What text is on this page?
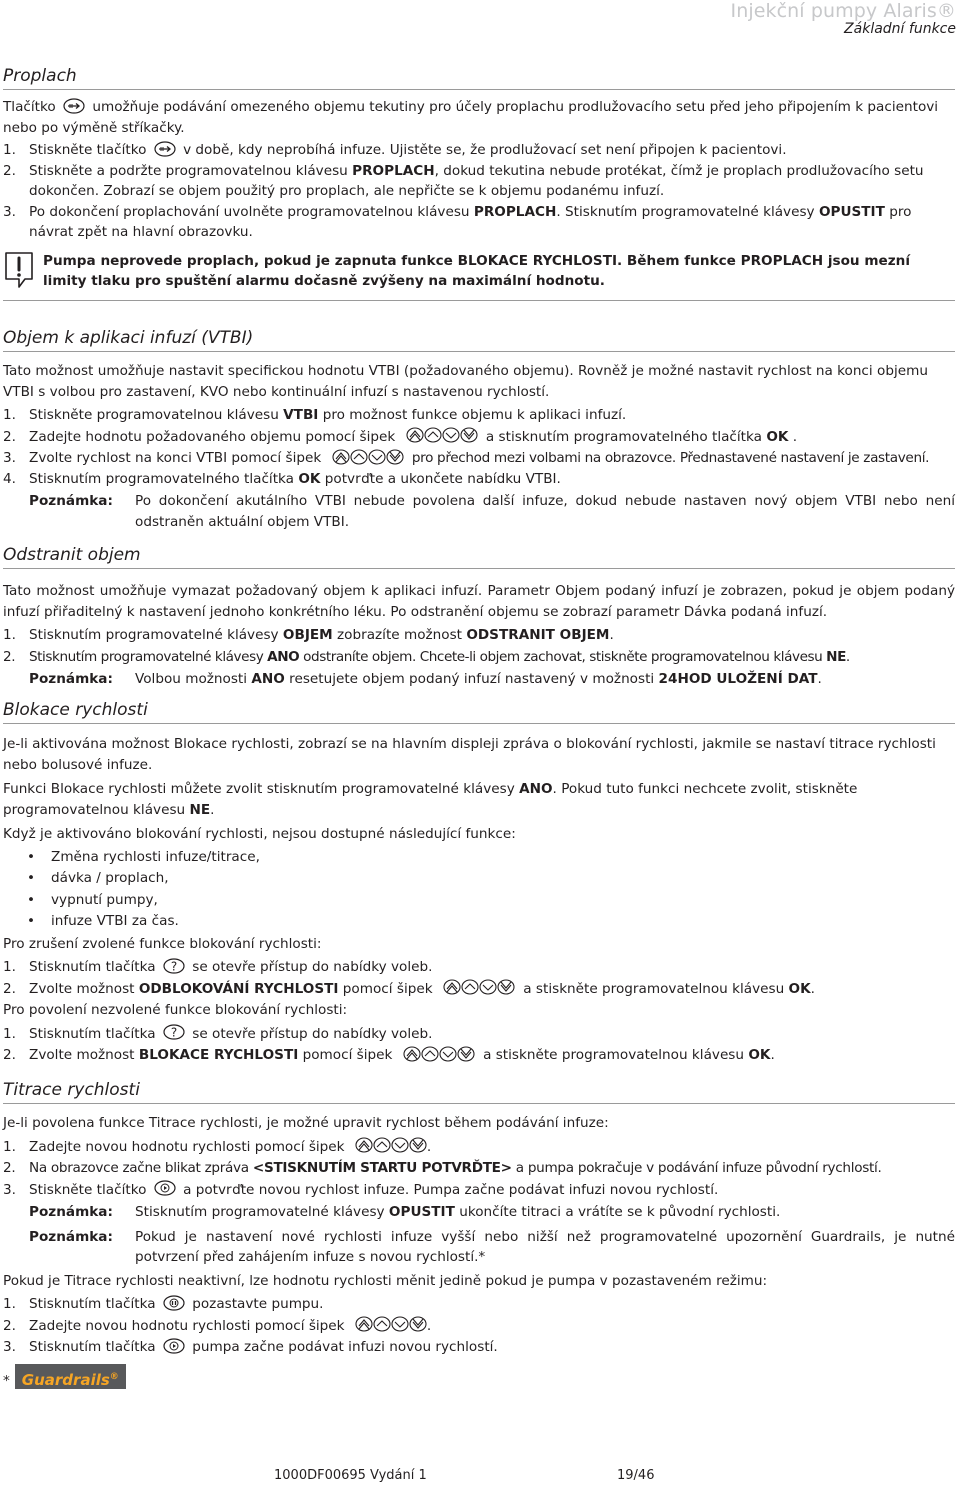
Injekční pumpy Alaris®
Základní funkce
Proplach
Tlačítko	umožňuje podávání omezeného objemu tekutiny pro účely proplachu prodlužovacího setu před jeho připojením k pacientovi nebo po výměně stříkačky.
1. Stiskněte tlačítko	v době, kdy neprobíhá infuze. Ujistěte se, že prodlužovací set není připojen k pacientovi.
2. Stiskněte a podržte programovatelnou klávesu PROPLACH, dokud tekutina nebude protékat, čímž je proplach prodlužovacího setu dokončen. Zobrazí se objem použitý pro proplach, ale nepřičte se k objemu podanému infuzí.
3. Po dokončení proplachování uvolněte programovatelnou klávesu PROPLACH. Stisknutím programovatelné klávesy OPUSTIT pro návrat zpět na hlavní obrazovku.
Pumpa neprovede proplach, pokud je zapnuta funkce BLOKACE RYCHLOSTI. Během funkce PROPLACH jsou mezní limity tlaku pro spuštění alarmu dočasně zvýšeny na maximální hodnotu.
Objem k aplikaci infuzí (VTBI)
Tato možnost umožňuje nastavit specifickou hodnotu VTBI (požadovaného objemu). Rovněž je možné nastavit rychlost na konci objemu VTBI s volbou pro zastavení, KVO nebo kontinuální infuzí s nastavenou rychlostí.
1. Stiskněte programovatelnou klávesu VTBI pro možnost funkce objemu k aplikaci infuzí.
2. Zadejte hodnotu požadovaného objemu pomocí šipek	a stisknutím programovatelného tlačítka OK .
3. Zvolte rychlost na konci VTBI pomocí šipek	pro přechod mezi volbami na obrazovce. Přednastavené nastavení je zastavení.
4. Stisknutím programovatelného tlačítka OK potvrďte a ukončete nabídku VTBI.
Poznámka:	Po dokončení akutálního VTBI nebude povolena další infuze, dokud nebude nastaven nový objem VTBI nebo není odstraněn aktuální objem VTBI.
Odstranit objem
Tato možnost umožňuje vymazat požadovaný objem k aplikaci infuzí. Parametr Objem podaný infuzí je zobrazen, pokud je objem podaný infuzí přiřaditelný k nastavení jednoho konkrétního léku. Po odstranění objemu se zobrazí parametr Dávka podaná infuzí.
1. Stisknutím programovatelné klávesy OBJEM zobrazíte možnost ODSTRANIT OBJEM.
2.	Stisknutím programovatelné klávesy ANO odstraníte objem. Chcete-li objem zachovat, stiskněte programovatelnou klávesu NE.
Poznámka:	Volbou možnosti ANO resetujete objem podaný infuzí nastavený v možnosti 24HOD ULOŽENÍ DAT.
Blokace rychlosti
Je-li aktivována možnost Blokace rychlosti, zobrazí se na hlavním displeji zpráva o blokování rychlosti, jakmile se nastaví titrace rychlosti nebo bolusové infuze.
Funkci Blokace rychlosti můžete zvolit stisknutím programovatelné klávesy ANO. Pokud tuto funkci nechcete zvolit, stiskněte programovatelnou klávesu NE.
Když je aktivováno blokování rychlosti, nejsou dostupné následující funkce:
•	Změna rychlosti infuze/titrace,
•	dávka / proplach,
•	vypnutí pumpy,
•	infuze VTBI za čas.
Pro zrušení zvolené funkce blokování rychlosti:
1. Stisknutím tlačítka ? se otevře přístup do nabídky voleb.
2. Zvolte možnost ODBLOKOVÁNÍ RYCHLOSTI pomocí šipek	a stiskněte programovatelnou klávesu OK.
Pro povolení nezvolené funkce blokování rychlosti:
1. Stisknutím tlačítka ? se otevře přístup do nabídky voleb.
2. Zvolte možnost BLOKACE RYCHLOSTI pomocí šipek	a stiskněte programovatelnou klávesu OK.
Titrace rychlosti
Je-li povolena funkce Titrace rychlosti, je možné upravit rychlost během podávání infuze:
1. Zadejte novou hodnotu rychlosti pomocí šipek	.
2.	Na obrazovce začne blikat zpráva <STISKNUTÍM STARTU POTVRĎTE> a pumpa pokračuje v podávání infuze původní rychlostí.
3. Stiskněte tlačítko	a potvrďte novou rychlost infuze. Pumpa začne podávat infuzi novou rychlostí.
Poznámka:	Stisknutím programovatelné klávesy OPUSTIT ukončíte titraci a vrátíte se k původní rychlosti.
Poznámka:	Pokud je nastavení nové rychlosti infuze vyšší nebo nižší než programovatelné upozornění Guardrails, je nutné potvrzení před zahájením infuze s novou rychlostí.*
Pokud je Titrace rychlosti neaktivní, lze hodnotu rychlosti měnit jedině pokud je pumpa v pozastaveném režimu:
1. Stisknutím tlačítka	pozastavte pumpu.
2. Zadejte novou hodnotu rychlosti pomocí šipek	.
3. Stisknutím tlačítka	pumpa začne podávat infuzi novou rychlostí.
* Guardrails®
1000DF00695 Vydání 1	19/46
